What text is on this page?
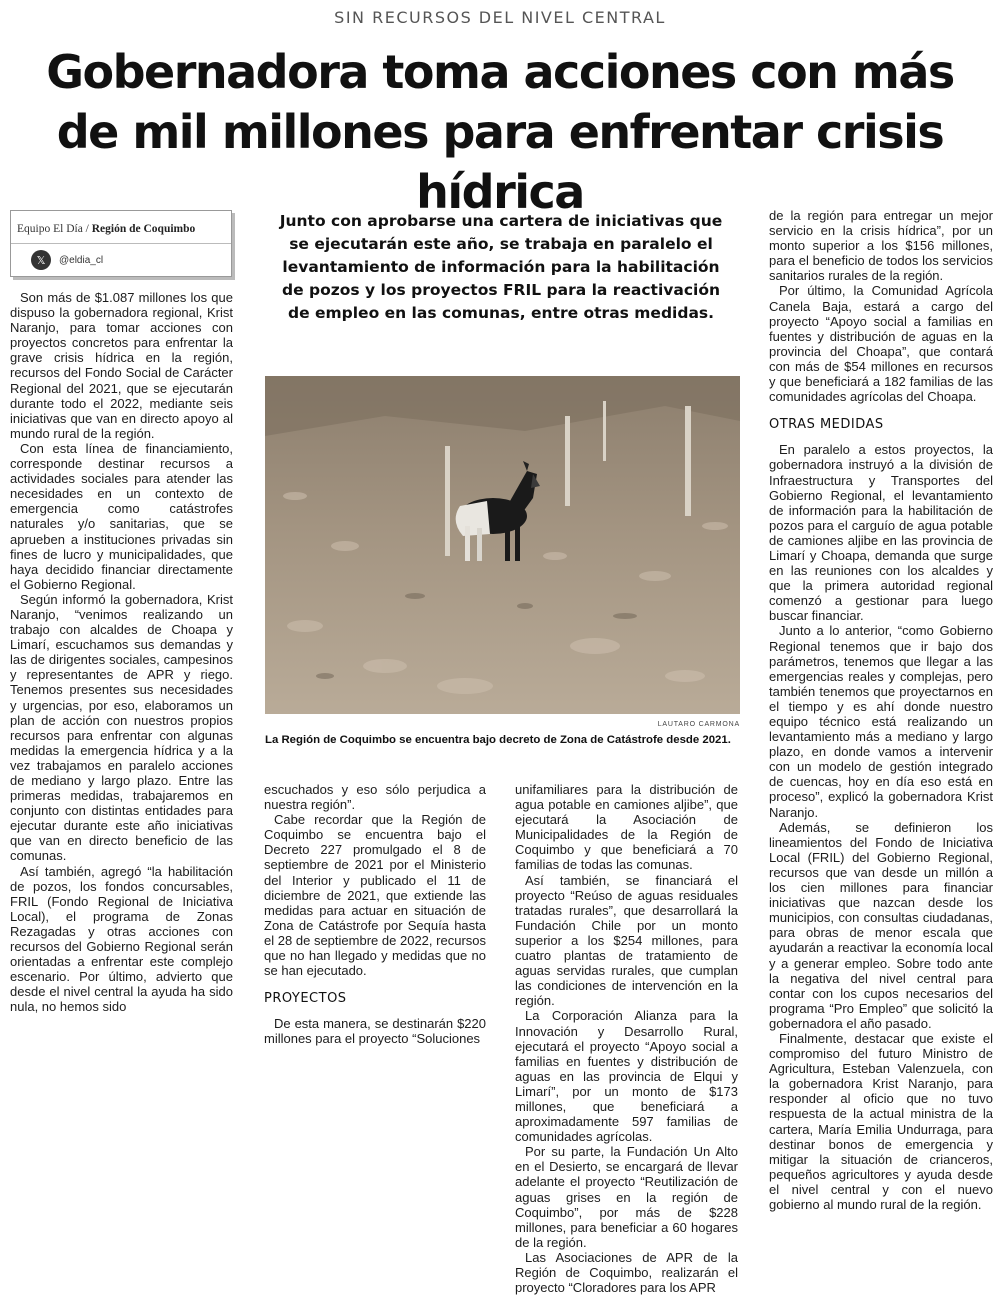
SIN RECURSOS DEL NIVEL CENTRAL
Gobernadora toma acciones con más de mil millones para enfrentar crisis hídrica
Equipo El Día / Región de Coquimbo
𝕏	@eldia_cl
Junto con aprobarse una cartera de iniciativas que se ejecutarán este año, se trabaja en paralelo el levantamiento de información para la habilitación de pozos y los proyectos FRIL para la reactivación de empleo en las comunas, entre otras medidas.
LAUTARO CARMONA
La Región de Coquimbo se encuentra bajo decreto de Zona de Catástrofe desde 2021.

Son más de $1.087 millones los que dispuso la gobernadora regional, Krist Naranjo, para tomar acciones con proyectos concretos para enfrentar la grave crisis hídrica en la región, recursos del Fondo Social de Carácter Regional del 2021, que se ejecutarán durante todo el 2022, mediante seis iniciativas que van en directo apoyo al mundo rural de la región.

Con esta línea de financiamiento, corresponde destinar recursos a actividades sociales para atender las necesidades en un contexto de emergencia como catástrofes naturales y/o sanitarias, que se aprueben a instituciones privadas sin fines de lucro y municipalidades, que haya decidido financiar directamente el Gobierno Regional.

Según informó la gobernadora, Krist Naranjo, “venimos realizando un trabajo con alcaldes de Choapa y Limarí, escuchamos sus demandas y las de dirigentes sociales, campesinos y representantes de APR y riego. Tenemos presentes sus necesidades y urgencias, por eso, elaboramos un plan de acción con nuestros propios recursos para enfrentar con algunas medidas la emergencia hídrica y a la vez trabajamos en paralelo acciones de mediano y largo plazo. Entre las primeras medidas, trabajaremos en conjunto con distintas entidades para ejecutar durante este año iniciativas que van en directo beneficio de las comunas.

Así también, agregó “la habilitación de pozos, los fondos concursables, FRIL (Fondo Regional de Iniciativa Local), el programa de Zonas Rezagadas y otras acciones con recursos del Gobierno Regional serán orientadas a enfrentar este complejo escenario. Por último, advierto que desde el nivel central la ayuda ha sido nula, no hemos sido

escuchados y eso sólo perjudica a nuestra región”.

Cabe recordar que la Región de Coquimbo se encuentra bajo el Decreto 227 promulgado el 8 de septiembre de 2021 por el Ministerio del Interior y publicado el 11 de diciembre de 2021, que extiende las medidas para actuar en situación de Zona de Catástrofe por Sequía hasta el 28 de septiembre de 2022, recursos que no han llegado y medidas que no se han ejecutado.

PROYECTOS

De esta manera, se destinarán $220 millones para el proyecto “Soluciones

unifamiliares para la distribución de agua potable en camiones aljibe”, que ejecutará la Asociación de Municipalidades de la Región de Coquimbo y que beneficiará a 70 familias de todas las comunas.

Así también, se financiará el proyecto “Reúso de aguas residuales tratadas rurales”, que desarrollará la Fundación Chile por un monto superior a los $254 millones, para cuatro plantas de tratamiento de aguas servidas rurales, que cumplan las condiciones de intervención en la región.

La Corporación Alianza para la Innovación y Desarrollo Rural, ejecutará el proyecto “Apoyo social a familias en fuentes y distribución de aguas en las provincia de Elqui y Limarí”, por un monto de $173 millones, que beneficiará a aproximadamente 597 familias de comunidades agrícolas.

Por su parte, la Fundación Un Alto en el Desierto, se encargará de llevar adelante el proyecto “Reutilización de aguas grises en la región de Coquimbo”, por más de $228 millones, para beneficiar a 60 hogares de la región.

Las Asociaciones de APR de la Región de Coquimbo, realizarán el proyecto “Cloradores para los APR

de la región para entregar un mejor servicio en la crisis hídrica”, por un monto superior a los $156 millones, para el beneficio de todos los servicios sanitarios rurales de la región.

Por último, la Comunidad Agrícola Canela Baja, estará a cargo del proyecto “Apoyo social a familias en fuentes y distribución de aguas en la provincia del Choapa”, que contará con más de $54 millones en recursos y que beneficiará a 182 familias de las comunidades agrícolas del Choapa.

OTRAS MEDIDAS

En paralelo a estos proyectos, la gobernadora instruyó a la división de Infraestructura y Transportes del Gobierno Regional, el levantamiento de información para la habilitación de pozos para el carguío de agua potable de camiones aljibe en las provincia de Limarí y Choapa, demanda que surge en las reuniones con los alcaldes y que la primera autoridad regional comenzó a gestionar para luego buscar financiar.

Junto a lo anterior, “como Gobierno Regional tenemos que ir bajo dos parámetros, tenemos que llegar a las emergencias reales y complejas, pero también tenemos que proyectarnos en el tiempo y es ahí donde nuestro equipo técnico está realizando un levantamiento más a mediano y largo plazo, en donde vamos a intervenir con un modelo de gestión integrado de cuencas, hoy en día eso está en proceso”, explicó la gobernadora Krist Naranjo.

Además, se definieron los lineamientos del Fondo de Iniciativa Local (FRIL) del Gobierno Regional, recursos que van desde un millón a los cien millones para financiar iniciativas que nazcan desde los municipios, con consultas ciudadanas, para obras de menor escala que ayudarán a reactivar la economía local y a generar empleo. Sobre todo ante la negativa del nivel central para contar con los cupos necesarios del programa “Pro Empleo” que solicitó la gobernadora el año pasado.

Finalmente, destacar que existe el compromiso del futuro Ministro de Agricultura, Esteban Valenzuela, con la gobernadora Krist Naranjo, para responder al oficio que no tuvo respuesta de la actual ministra de la cartera, María Emilia Undurraga, para destinar bonos de emergencia y mitigar la situación de crianceros, pequeños agricultores y ayuda desde el nivel central y con el nuevo gobierno al mundo rural de la región.
